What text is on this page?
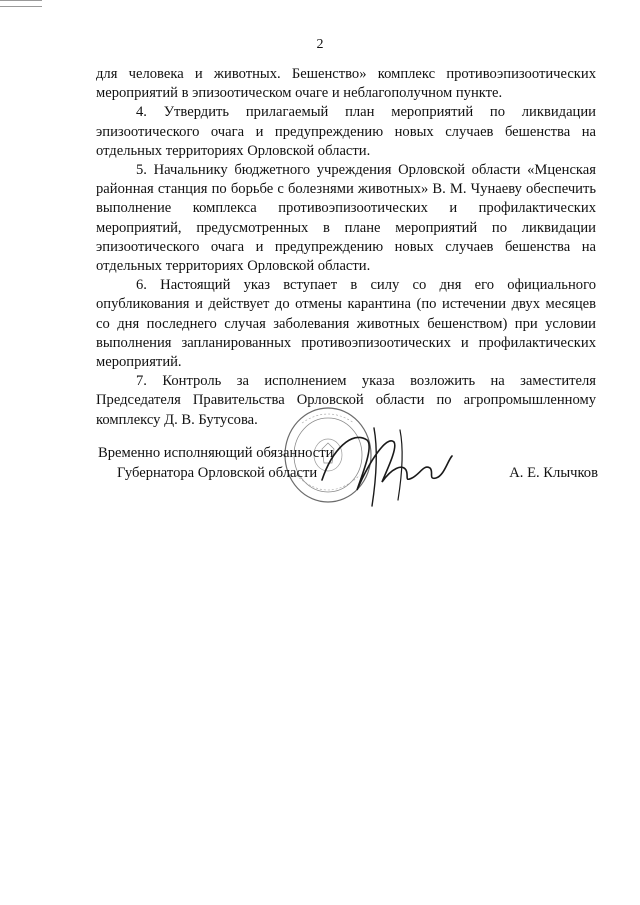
2

для человека и животных. Бешенство» комплекс противоэпизоотических мероприятий в эпизоотическом очаге и неблагополучном пункте.

4. Утвердить прилагаемый план мероприятий по ликвидации эпизоотического очага и предупреждению новых случаев бешенства на отдельных территориях Орловской области.

5. Начальнику бюджетного учреждения Орловской области «Мценская районная станция по борьбе с болезнями животных» В. М. Чунаеву обеспечить выполнение комплекса противоэпизоотических и профилактических мероприятий, предусмотренных в плане мероприятий по ликвидации эпизоотического очага и предупреждению новых случаев бешенства на отдельных территориях Орловской области.

6. Настоящий указ вступает в силу со дня его официального опубликования и действует до отмены карантина (по истечении двух месяцев со дня последнего случая заболевания животных бешенством) при условии выполнения запланированных противоэпизоотических и профилактических мероприятий.

7. Контроль за исполнением указа возложить на заместителя Председателя Правительства Орловской области по агропромышленному комплексу Д. В. Бутусова.

Временно исполняющий обязанности
Губернатора Орловской области	А. Е. Клычков
